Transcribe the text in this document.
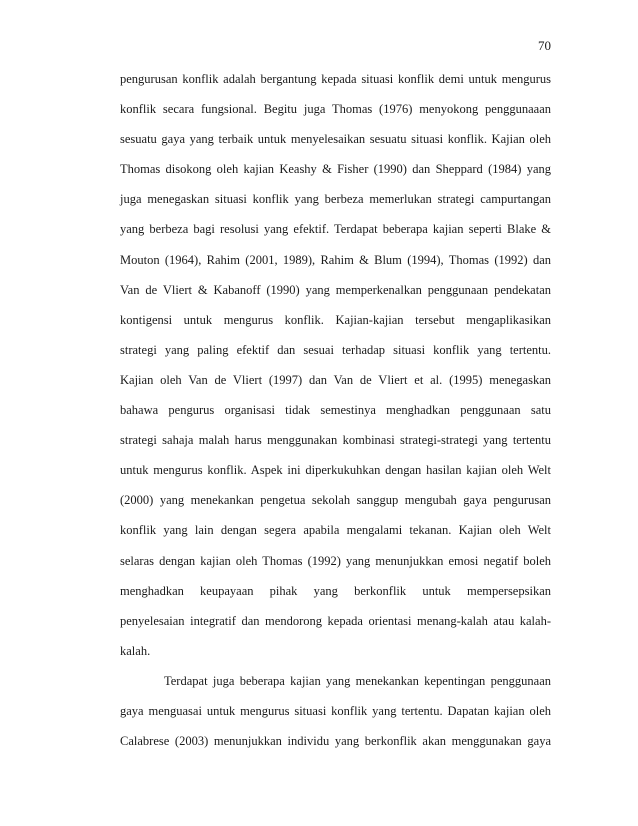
70
pengurusan konflik adalah bergantung kepada situasi konflik demi untuk mengurus
konflik secara fungsional. Begitu juga Thomas (1976) menyokong penggunaaan
sesuatu gaya yang terbaik untuk menyelesaikan sesuatu situasi konflik. Kajian oleh
Thomas disokong oleh kajian Keashy & Fisher (1990) dan Sheppard (1984) yang
juga menegaskan situasi konflik yang berbeza memerlukan strategi campurtangan
yang berbeza bagi resolusi yang efektif. Terdapat beberapa kajian seperti Blake &
Mouton (1964), Rahim (2001, 1989), Rahim & Blum (1994), Thomas (1992) dan
Van de Vliert & Kabanoff (1990) yang memperkenalkan penggunaan pendekatan
kontigensi untuk mengurus konflik. Kajian-kajian tersebut mengaplikasikan
strategi yang paling efektif dan sesuai terhadap situasi konflik yang tertentu.
Kajian oleh Van de Vliert (1997) dan Van de Vliert et al. (1995) menegaskan
bahawa pengurus organisasi tidak semestinya menghadkan penggunaan satu
strategi sahaja malah harus menggunakan kombinasi strategi-strategi yang tertentu
untuk mengurus konflik. Aspek ini diperkukuhkan dengan hasilan kajian oleh Welt
(2000) yang menekankan pengetua sekolah sanggup mengubah gaya pengurusan
konflik yang lain dengan segera apabila mengalami tekanan. Kajian oleh Welt
selaras dengan kajian oleh Thomas (1992) yang menunjukkan emosi negatif boleh
menghadkan keupayaan pihak yang berkonflik untuk mempersepsikan
penyelesaian integratif dan mendorong kepada orientasi menang-kalah atau kalah-
kalah.
Terdapat juga beberapa kajian yang menekankan kepentingan penggunaan
gaya menguasai untuk mengurus situasi konflik yang tertentu. Dapatan kajian oleh
Calabrese (2003) menunjukkan individu yang berkonflik akan menggunakan gaya
